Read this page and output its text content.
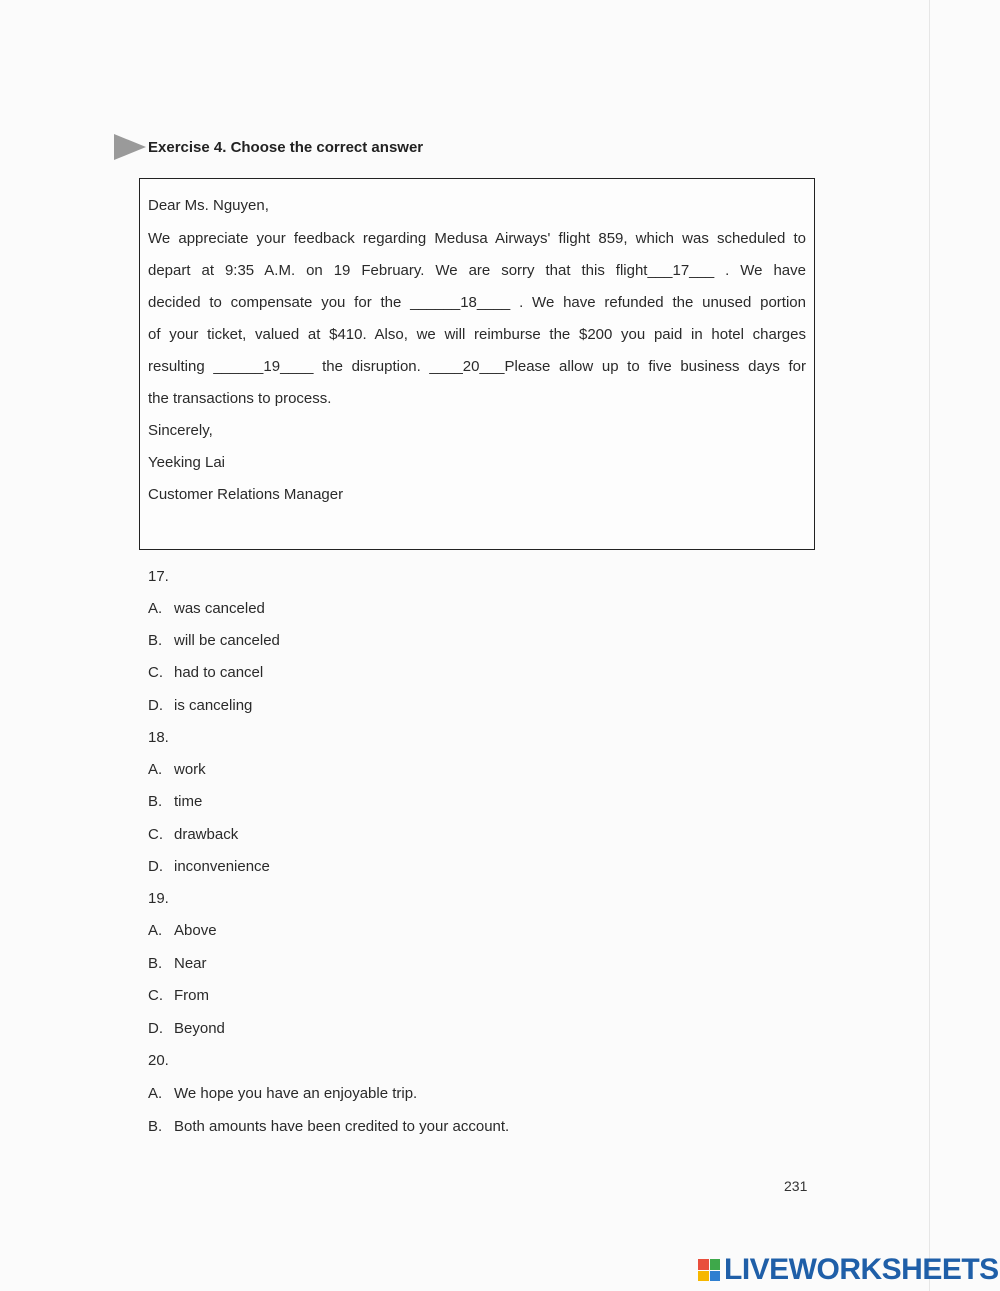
Exercise 4. Choose the correct answer
Dear Ms. Nguyen,
We appreciate your feedback regarding Medusa Airways' flight 859, which was scheduled to
depart at 9:35 A.M. on 19 February. We are sorry that this flight___17___ . We have
decided to compensate you for the ______18____ . We have refunded the unused portion
of your ticket, valued at $410. Also, we will reimburse the $200 you paid in hotel charges
resulting ______19____ the disruption. ____20___Please allow up to five business days for
the transactions to process.
Sincerely,
Yeeking Lai
Customer Relations Manager
17.
A. was canceled
B. will be canceled
C. had to cancel
D. is canceling
18.
A. work
B. time
C. drawback
D. inconvenience
19.
A. Above
B. Near
C. From
D. Beyond
20.
A. We hope you have an enjoyable trip.
B. Both amounts have been credited to your account.
231
LIVEWORKSHEETS
